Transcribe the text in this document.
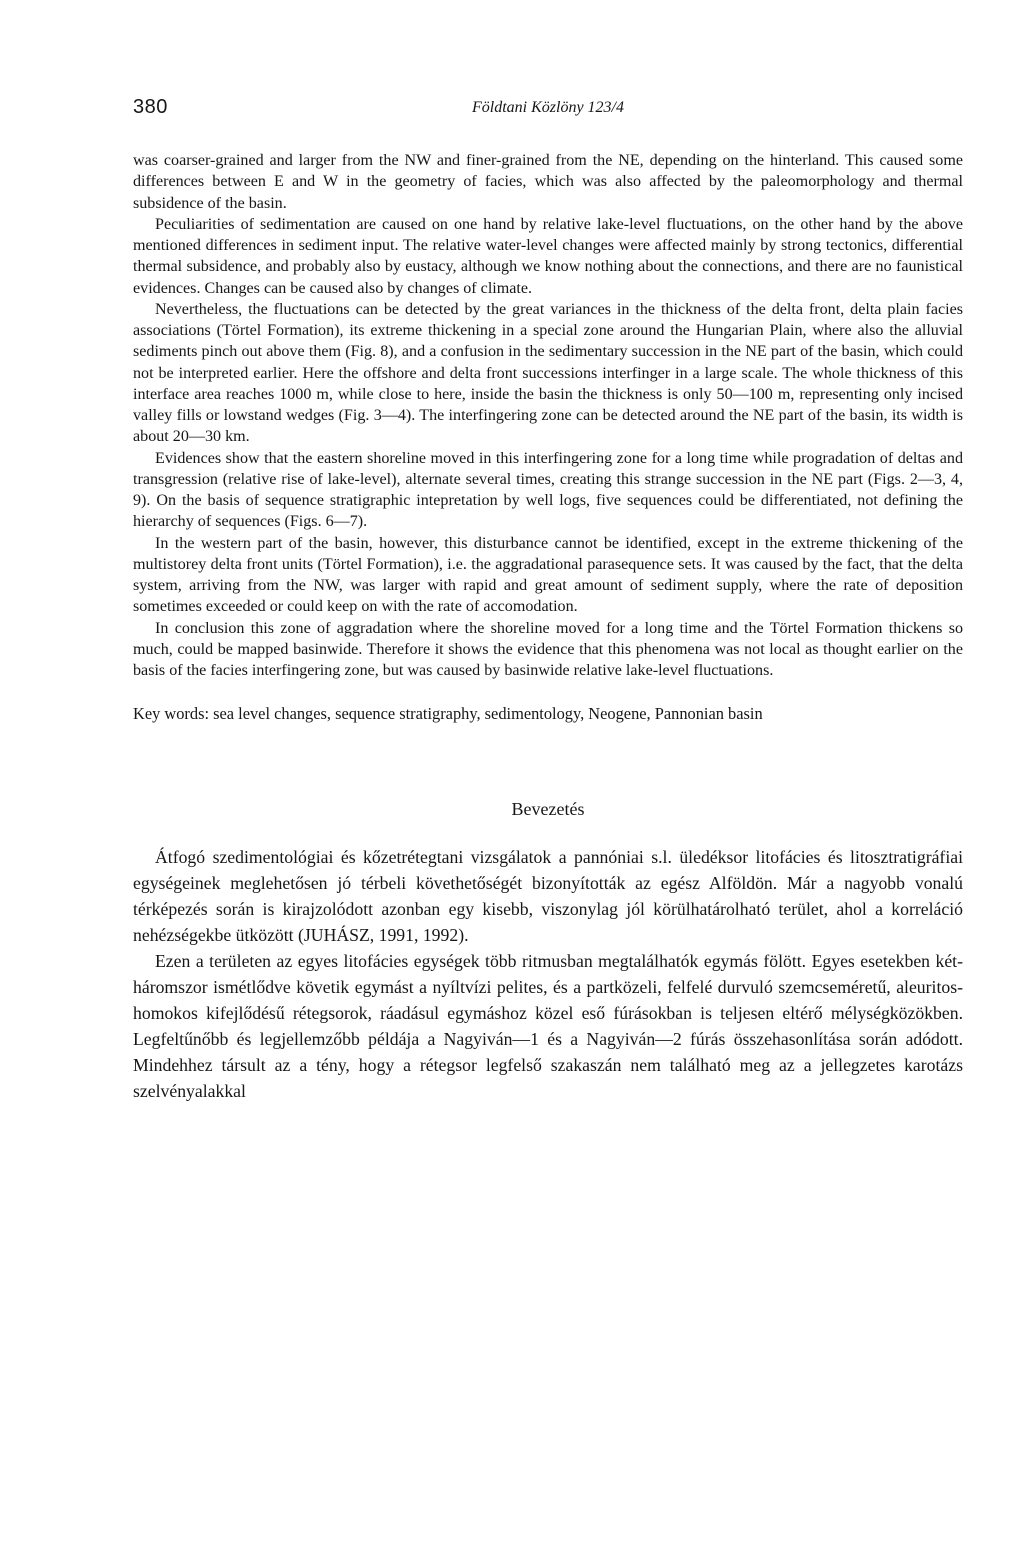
380	Földtani Közlöny 123/4

was coarser-grained and larger from the NW and finer-grained from the NE, depending on the hinterland. This caused some differences between E and W in the geometry of facies, which was also affected by the paleomorphology and thermal subsidence of the basin.

Peculiarities of sedimentation are caused on one hand by relative lake-level fluctuations, on the other hand by the above mentioned differences in sediment input. The relative water-level changes were affected mainly by strong tectonics, differential thermal subsidence, and probably also by eustacy, although we know nothing about the connections, and there are no faunistical evidences. Changes can be caused also by changes of climate.

Nevertheless, the fluctuations can be detected by the great variances in the thickness of the delta front, delta plain facies associations (Törtel Formation), its extreme thickening in a special zone around the Hungarian Plain, where also the alluvial sediments pinch out above them (Fig. 8), and a confusion in the sedimentary succession in the NE part of the basin, which could not be interpreted earlier. Here the offshore and delta front successions interfinger in a large scale. The whole thickness of this interface area reaches 1000 m, while close to here, inside the basin the thickness is only 50—100 m, representing only incised valley fills or lowstand wedges (Fig. 3—4). The interfingering zone can be detected around the NE part of the basin, its width is about 20—30 km.

Evidences show that the eastern shoreline moved in this interfingering zone for a long time while progradation of deltas and transgression (relative rise of lake-level), alternate several times, creating this strange succession in the NE part (Figs. 2—3, 4, 9). On the basis of sequence stratigraphic intepretation by well logs, five sequences could be differentiated, not defining the hierarchy of sequences (Figs. 6—7).

In the western part of the basin, however, this disturbance cannot be identified, except in the extreme thickening of the multistorey delta front units (Törtel Formation), i.e. the aggradational parasequence sets. It was caused by the fact, that the delta system, arriving from the NW, was larger with rapid and great amount of sediment supply, where the rate of deposition sometimes exceeded or could keep on with the rate of accomodation.

In conclusion this zone of aggradation where the shoreline moved for a long time and the Törtel Formation thickens so much, could be mapped basinwide. Therefore it shows the evidence that this phenomena was not local as thought earlier on the basis of the facies interfingering zone, but was caused by basinwide relative lake-level fluctuations.

Key words: sea level changes, sequence stratigraphy, sedimentology, Neogene, Pannonian basin

Bevezetés

Átfogó szedimentológiai és kőzetrétegtani vizsgálatok a pannóniai s.l. üledéksor litofácies és litosztratigráfiai egységeinek meglehetősen jó térbeli követhetőségét bizonyították az egész Alföldön. Már a nagyobb vonalú térképezés során is kirajzolódott azonban egy kisebb, viszonylag jól körülhatárolható terület, ahol a korreláció nehézségekbe ütközött (JUHÁSZ, 1991, 1992).

Ezen a területen az egyes litofácies egységek több ritmusban megtalálhatók egymás fölött. Egyes esetekben két-háromszor ismétlődve követik egymást a nyíltvízi pelites, és a partközeli, felfelé durvuló szemcseméretű, aleuritos-homokos kifejlődésű rétegsorok, ráadásul egymáshoz közel eső fúrásokban is teljesen eltérő mélységközökben. Legfeltűnőbb és legjellemzőbb példája a Nagyiván—1 és a Nagyiván—2 fúrás összehasonlítása során adódott. Mindehhez társult az a tény, hogy a rétegsor legfelső szakaszán nem található meg az a jellegzetes karotázs szelvényalakkal
